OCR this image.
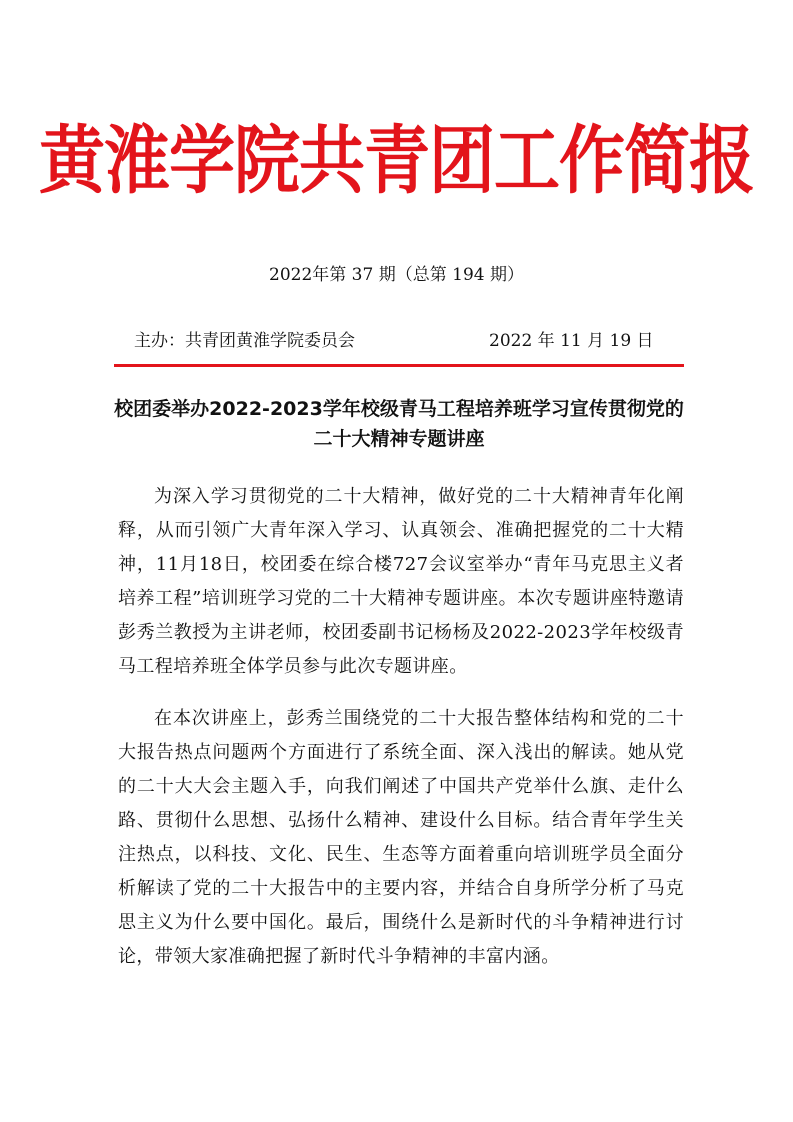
黄淮学院共青团工作简报
2022年第 37 期（总第 194 期）
主办：共青团黄淮学院委员会	2022 年 11 月 19 日
校团委举办2022-2023学年校级青马工程培养班学习宣传贯彻党的二十大精神专题讲座

为深入学习贯彻党的二十大精神，做好党的二十大精神青年化阐释，从而引领广大青年深入学习、认真领会、准确把握党的二十大精神，11月18日，校团委在综合楼727会议室举办“青年马克思主义者培养工程”培训班学习党的二十大精神专题讲座。本次专题讲座特邀请彭秀兰教授为主讲老师，校团委副书记杨杨及2022-2023学年校级青马工程培养班全体学员参与此次专题讲座。

在本次讲座上，彭秀兰围绕党的二十大报告整体结构和党的二十大报告热点问题两个方面进行了系统全面、深入浅出的解读。她从党的二十大大会主题入手，向我们阐述了中国共产党举什么旗、走什么路、贯彻什么思想、弘扬什么精神、建设什么目标。结合青年学生关注热点，以科技、文化、民生、生态等方面着重向培训班学员全面分析解读了党的二十大报告中的主要内容，并结合自身所学分析了马克思主义为什么要中国化。最后，围绕什么是新时代的斗争精神进行讨论，带领大家准确把握了新时代斗争精神的丰富内涵。
